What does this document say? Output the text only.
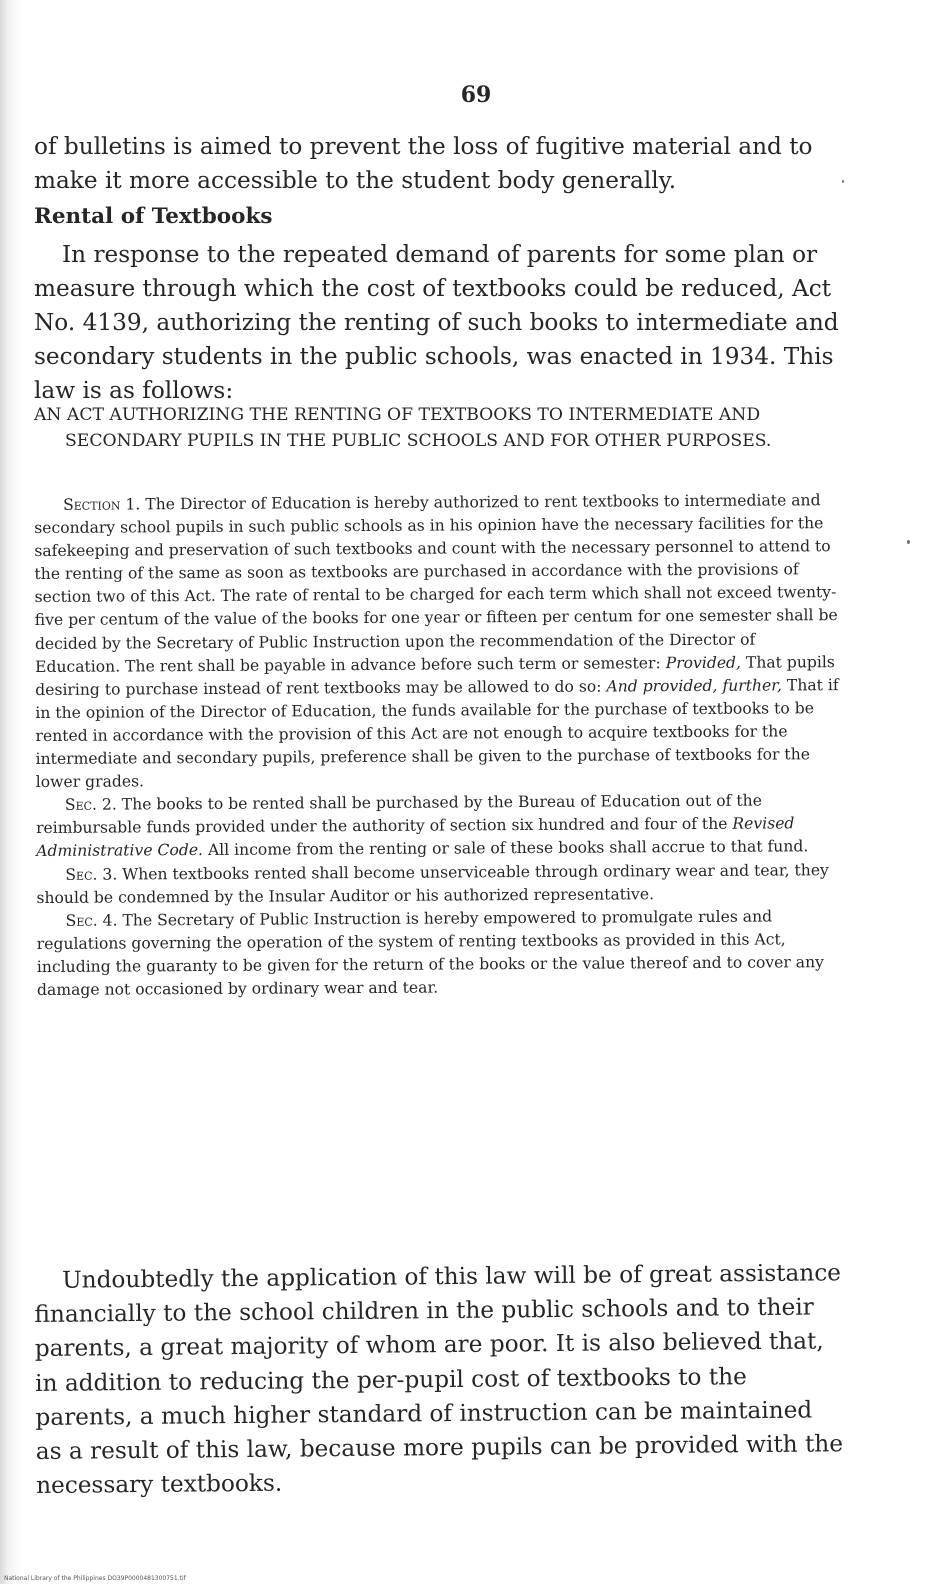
69

of bulletins is aimed to prevent the loss of fugitive material and to make it more accessible to the student body generally.

Rental of Textbooks

In response to the repeated demand of parents for some plan or measure through which the cost of textbooks could be reduced, Act No. 4139, authorizing the renting of such books to intermediate and secondary students in the public schools, was enacted in 1934. This law is as follows:

AN ACT AUTHORIZING THE RENTING OF TEXTBOOKS TO INTERMEDIATE AND SECONDARY PUPILS IN THE PUBLIC SCHOOLS AND FOR OTHER PURPOSES.

Section 1. The Director of Education is hereby authorized to rent textbooks to intermediate and secondary school pupils in such public schools as in his opinion have the necessary facilities for the safekeeping and preservation of such textbooks and count with the necessary personnel to attend to the renting of the same as soon as textbooks are purchased in accordance with the provisions of section two of this Act. The rate of rental to be charged for each term which shall not exceed twenty-five per centum of the value of the books for one year or fifteen per centum for one semester shall be decided by the Secretary of Public Instruction upon the recommendation of the Director of Education. The rent shall be payable in advance before such term or semester: Provided, That pupils desiring to purchase instead of rent textbooks may be allowed to do so: And provided, further, That if in the opinion of the Director of Education, the funds available for the purchase of textbooks to be rented in accordance with the provision of this Act are not enough to acquire textbooks for the intermediate and secondary pupils, preference shall be given to the purchase of textbooks for the lower grades.

Sec. 2. The books to be rented shall be purchased by the Bureau of Education out of the reimbursable funds provided under the authority of section six hundred and four of the Revised Administrative Code. All income from the renting or sale of these books shall accrue to that fund.

Sec. 3. When textbooks rented shall become unserviceable through ordinary wear and tear, they should be condemned by the Insular Auditor or his authorized representative.

Sec. 4. The Secretary of Public Instruction is hereby empowered to promulgate rules and regulations governing the operation of the system of renting textbooks as provided in this Act, including the guaranty to be given for the return of the books or the value thereof and to cover any damage not occasioned by ordinary wear and tear.

Undoubtedly the application of this law will be of great assistance financially to the school children in the public schools and to their parents, a great majority of whom are poor. It is also believed that, in addition to reducing the per-pupil cost of textbooks to the parents, a much higher standard of instruction can be maintained as a result of this law, because more pupils can be provided with the necessary textbooks.

National Library of the Philippines DO39P0000481300751.tif
